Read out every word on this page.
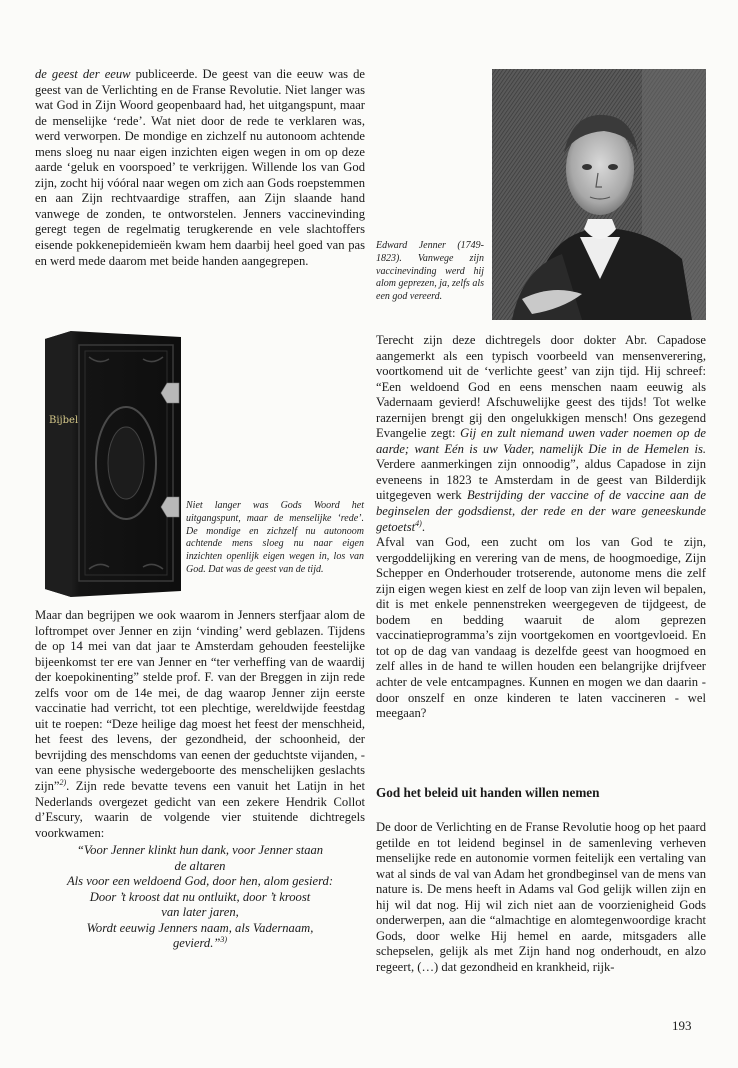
de geest der eeuw publiceerde. De geest van die eeuw was de geest van de Verlichting en de Franse Revolutie. Niet langer was wat God in Zijn Woord geopenbaard had, het uitgangspunt, maar de menselijke ‘rede’. Wat niet door de rede te verklaren was, werd verworpen. De mondige en zichzelf nu autonoom achtende mens sloeg nu naar eigen inzichten eigen wegen in om op deze aarde ‘geluk en voorspoed’ te verkrijgen. Willende los van God zijn, zocht hij vóóral naar wegen om zich aan Gods roepstemmen en aan Zijn rechtvaardige straffen, aan Zijn slaande hand vanwege de zonden, te ontworstelen. Jenners vaccinevinding geregt tegen de regelmatig terugkerende en vele slachtoffers eisende pokkenepidemieën kwam hem daarbij heel goed van pas en werd mede daarom met beide handen aangegrepen.

Bijbel
Niet langer was Gods Woord het uitgangspunt, maar de menselijke ‘rede’. De mondige en zichzelf nu autonoom achtende mens sloeg nu naar eigen inzichten openlijk eigen wegen in, los van God. Dat was de geest van de tijd.

Maar dan begrijpen we ook waarom in Jenners sterfjaar alom de loftrompet over Jenner en zijn ‘vinding’ werd geblazen. Tijdens de op 14 mei van dat jaar te Amsterdam gehouden feestelijke bijeenkomst ter ere van Jenner en “ter verheffing van de waardij der koepokinenting” stelde prof. F. van der Breggen in zijn rede zelfs voor om de 14e mei, de dag waarop Jenner zijn eerste vaccinatie had verricht, tot een plechtige, wereldwijde feestdag uit te roepen: “Deze heilige dag moest het feest der menschheid, het feest des levens, der gezondheid, der schoonheid, der bevrijding des menschdoms van eenen der geduchtste vijanden, - van eene physische wedergeboorte des menschelijken geslachts zijn”$^{2)}$. Zijn rede bevatte tevens een vanuit het Latijn in het Nederlands overgezet gedicht van een zekere Hendrik Collot d’Escury, waarin de volgende vier stuitende dichtregels voorkwamen:

“Voor Jenner klinkt hun dank, voor Jenner staan
de altaren
Als voor een weldoend God, door hen, alom gesierd:
Door ’t kroost dat nu ontluikt, door ’t kroost
van later jaren,
Wordt eeuwig Jenners naam, als Vadernaam,
gevierd.”$^{3)}$
Edward Jenner (1749-1823). Vanwege zijn vaccinevinding werd hij alom geprezen, ja, zelfs als een god vereerd.

Terecht zijn deze dichtregels door dokter Abr. Capadose aangemerkt als een typisch voorbeeld van mensenverering, voortkomend uit de ‘verlichte geest’ van zijn tijd. Hij schreef: “Een weldoend God en eens menschen naam eeuwig als Vadernaam gevierd! Afschuwelijke geest des tijds! Tot welke razernijen brengt gij den ongelukkigen mensch! Ons gezegend Evangelie zegt: Gij en zult niemand uwen vader noemen op de aarde; want Eén is uw Vader, namelijk Die in de Hemelen is. Verdere aanmerkingen zijn onnoodig”, aldus Capadose in zijn eveneens in 1823 te Amsterdam in de geest van Bilderdijk uitgegeven werk Bestrijding der vaccine of de vaccine aan de beginselen der godsdienst, der rede en der ware geneeskunde getoetst$^{4)}$.

Afval van God, een zucht om los van God te zijn, vergoddelijking en verering van de mens, de hoogmoedige, Zijn Schepper en Onderhouder trotserende, autonome mens die zelf zijn eigen wegen kiest en zelf de loop van zijn leven wil bepalen, dit is met enkele pennenstreken weergegeven de tijdgeest, de bodem en bedding waaruit de alom geprezen vaccinatieprogramma’s zijn voortgekomen en voortgevloeid. En tot op de dag van vandaag is dezelfde geest van hoogmoed en zelf alles in de hand te willen houden een belangrijke drijfveer achter de vele entcampagnes. Kunnen en mogen we dan daarin - door onszelf en onze kinderen te laten vaccineren - wel meegaan?

God het beleid uit handen willen nemen

De door de Verlichting en de Franse Revolutie hoog op het paard getilde en tot leidend beginsel in de samenleving verheven menselijke rede en autonomie vormen feitelijk een vertaling van wat al sinds de val van Adam het grondbeginsel van de mens van nature is. De mens heeft in Adams val God gelijk willen zijn en hij wil dat nog. Hij wil zich niet aan de voorzienigheid Gods onderwerpen, aan die “almachtige en alomtegenwoordige kracht Gods, door welke Hij hemel en aarde, mitsgaders alle schepselen, gelijk als met Zijn hand nog onderhoudt, en alzo regeert, (…) dat gezondheid en krankheid, rijk-

193
